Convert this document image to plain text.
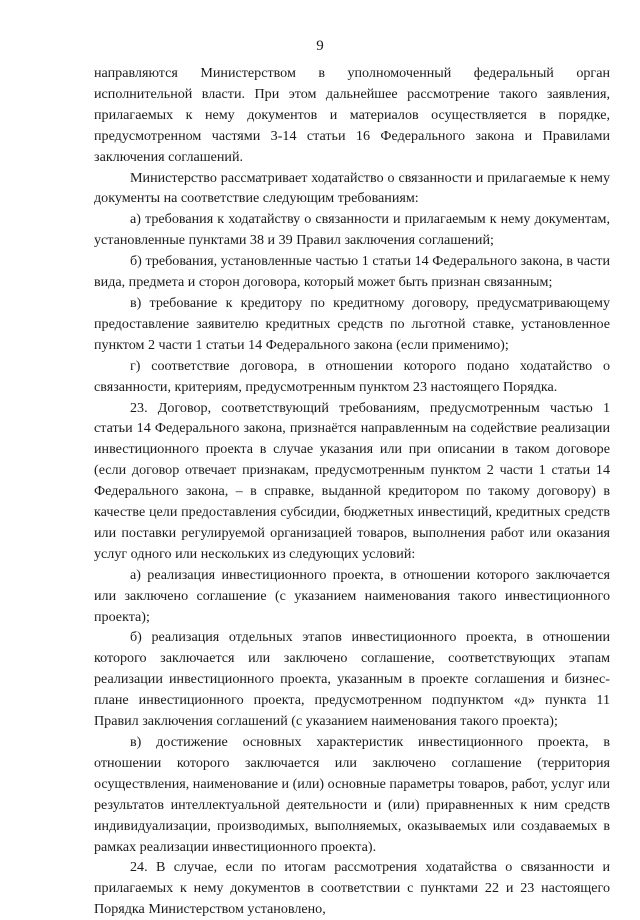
9

направляются Министерством в уполномоченный федеральный орган исполнительной власти. При этом дальнейшее рассмотрение такого заявления, прилагаемых к нему документов и материалов осуществляется в порядке, предусмотренном частями 3-14 статьи 16 Федерального закона и Правилами заключения соглашений.

Министерство рассматривает ходатайство о связанности и прилагаемые к нему документы на соответствие следующим требованиям:

а) требования к ходатайству о связанности и прилагаемым к нему документам, установленные пунктами 38 и 39 Правил заключения соглашений;

б) требования, установленные частью 1 статьи 14 Федерального закона, в части вида, предмета и сторон договора, который может быть признан связанным;

в) требование к кредитору по кредитному договору, предусматривающему предоставление заявителю кредитных средств по льготной ставке, установленное пунктом 2 части 1 статьи 14 Федерального закона (если применимо);

г) соответствие договора, в отношении которого подано ходатайство о связанности, критериям, предусмотренным пунктом 23 настоящего Порядка.

23. Договор, соответствующий требованиям, предусмотренным частью 1 статьи 14 Федерального закона, признаётся направленным на содействие реализации инвестиционного проекта в случае указания или при описании в таком договоре (если договор отвечает признакам, предусмотренным пунктом 2 части 1 статьи 14 Федерального закона, – в справке, выданной кредитором по такому договору) в качестве цели предоставления субсидии, бюджетных инвестиций, кредитных средств или поставки регулируемой организацией товаров, выполнения работ или оказания услуг одного или нескольких из следующих условий:

а) реализация инвестиционного проекта, в отношении которого заключается или заключено соглашение (с указанием наименования такого инвестиционного проекта);

б) реализация отдельных этапов инвестиционного проекта, в отношении которого заключается или заключено соглашение, соответствующих этапам реализации инвестиционного проекта, указанным в проекте соглашения и бизнес-плане инвестиционного проекта, предусмотренном подпунктом «д» пункта 11 Правил заключения соглашений (с указанием наименования такого проекта);

в) достижение основных характеристик инвестиционного проекта, в отношении которого заключается или заключено соглашение (территория осуществления, наименование и (или) основные параметры товаров, работ, услуг или результатов интеллектуальной деятельности и (или) приравненных к ним средств индивидуализации, производимых, выполняемых, оказываемых или создаваемых в рамках реализации инвестиционного проекта).

24. В случае, если по итогам рассмотрения ходатайства о связанности и прилагаемых к нему документов в соответствии с пунктами 22 и 23 настоящего Порядка Министерством установлено,
